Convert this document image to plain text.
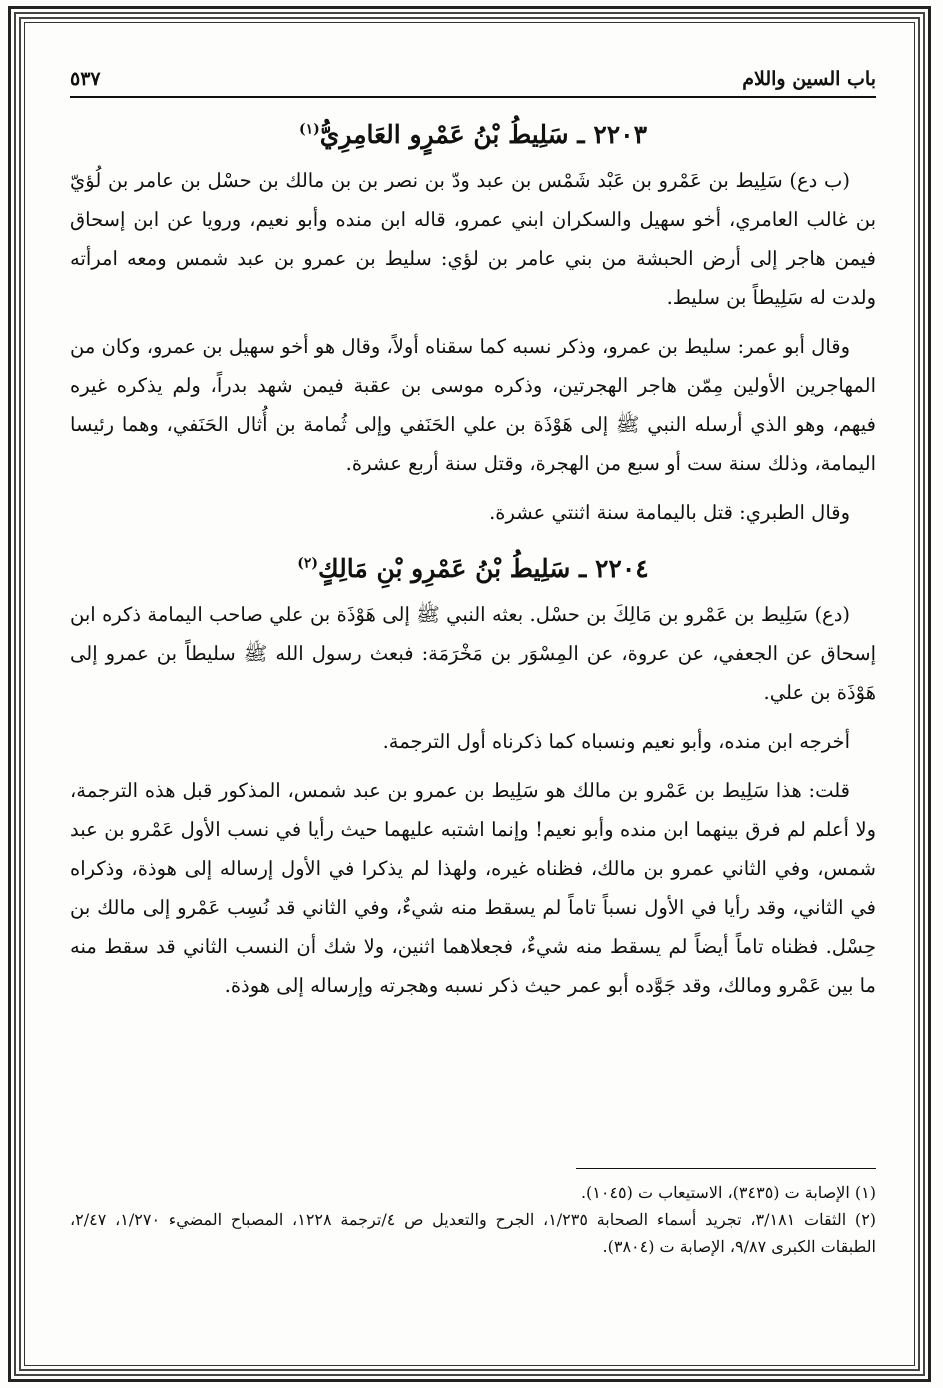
باب السين واللام
٥٣٧
٢٢٠٣ ـ سَلِيطُ بْنُ عَمْرٍو العَامِرِيُّ$^{(١)}$

(ب دع) سَلِيط بن عَمْرو بن عَبْد شَمْس بن عبد ودّ بن نصر بن بن مالك بن حسْل بن عامر بن لُؤيّ بن غالب العامري، أخو سهيل والسكران ابني عمرو، قاله ابن منده وأبو نعيم، ورويا عن ابن إسحاق فيمن هاجر إلى أرض الحبشة من بني عامر بن لؤي: سليط بن عمرو بن عبد شمس ومعه امرأته ولدت له سَلِيطاً بن سليط.

وقال أبو عمر: سليط بن عمرو، وذكر نسبه كما سقناه أولاً، وقال هو أخو سهيل بن عمرو، وكان من المهاجرين الأولين مِمّن هاجر الهجرتين، وذكره موسى بن عقبة فيمن شهد بدراً، ولم يذكره غيره فيهم، وهو الذي أرسله النبي ﷺ إلى هَوْذَة بن علي الحَنَفي وإلى ثُمامة بن أُثال الحَنَفي، وهما رئيسا اليمامة، وذلك سنة ست أو سبع من الهجرة، وقتل سنة أربع عشرة.

وقال الطبري: قتل باليمامة سنة اثنتي عشرة.

٢٢٠٤ ـ سَلِيطُ بْنُ عَمْرِو بْنِ مَالِكٍ$^{(٢)}$

(دع) سَلِيط بن عَمْرو بن مَالِكَ بن حسْل. بعثه النبي ﷺ إلى هَوْذَة بن علي صاحب اليمامة ذكره ابن إسحاق عن الجعفي، عن عروة، عن المِسْوَر بن مَخْرَمَة: فبعث رسول الله ﷺ سليطاً بن عمرو إلى هَوْذَة بن علي.

أخرجه ابن منده، وأبو نعيم ونسباه كما ذكرناه أول الترجمة.

قلت: هذا سَلِيط بن عَمْرو بن مالك هو سَلِيط بن عمرو بن عبد شمس، المذكور قبل هذه الترجمة، ولا أعلم لم فرق بينهما ابن منده وأبو نعيم! وإنما اشتبه عليهما حيث رأيا في نسب الأول عَمْرو بن عبد شمس، وفي الثاني عمرو بن مالك، فظناه غيره، ولهذا لم يذكرا في الأول إرساله إلى هوذة، وذكراه في الثاني، وقد رأيا في الأول نسباً تاماً لم يسقط منه شيءٌ، وفي الثاني قد نُسِب عَمْرو إلى مالك بن حِسْل. فظناه تاماً أيضاً لم يسقط منه شيءٌ، فجعلاهما اثنين، ولا شك أن النسب الثاني قد سقط منه ما بين عَمْرو ومالك، وقد جَوَّده أبو عمر حيث ذكر نسبه وهجرته وإرساله إلى هوذة.

(١) الإصابة ت (٣٤٣٥)، الاستيعاب ت (١٠٤٥).

(٢) الثقات ٣/١٨١، تجريد أسماء الصحابة ١/٢٣٥، الجرح والتعديل ص ٤/ترجمة ١٢٢٨، المصباح المضيء ١/٢٧٠، ٢/٤٧، الطبقات الكبرى ٩/٨٧، الإصابة ت (٣٨٠٤).
